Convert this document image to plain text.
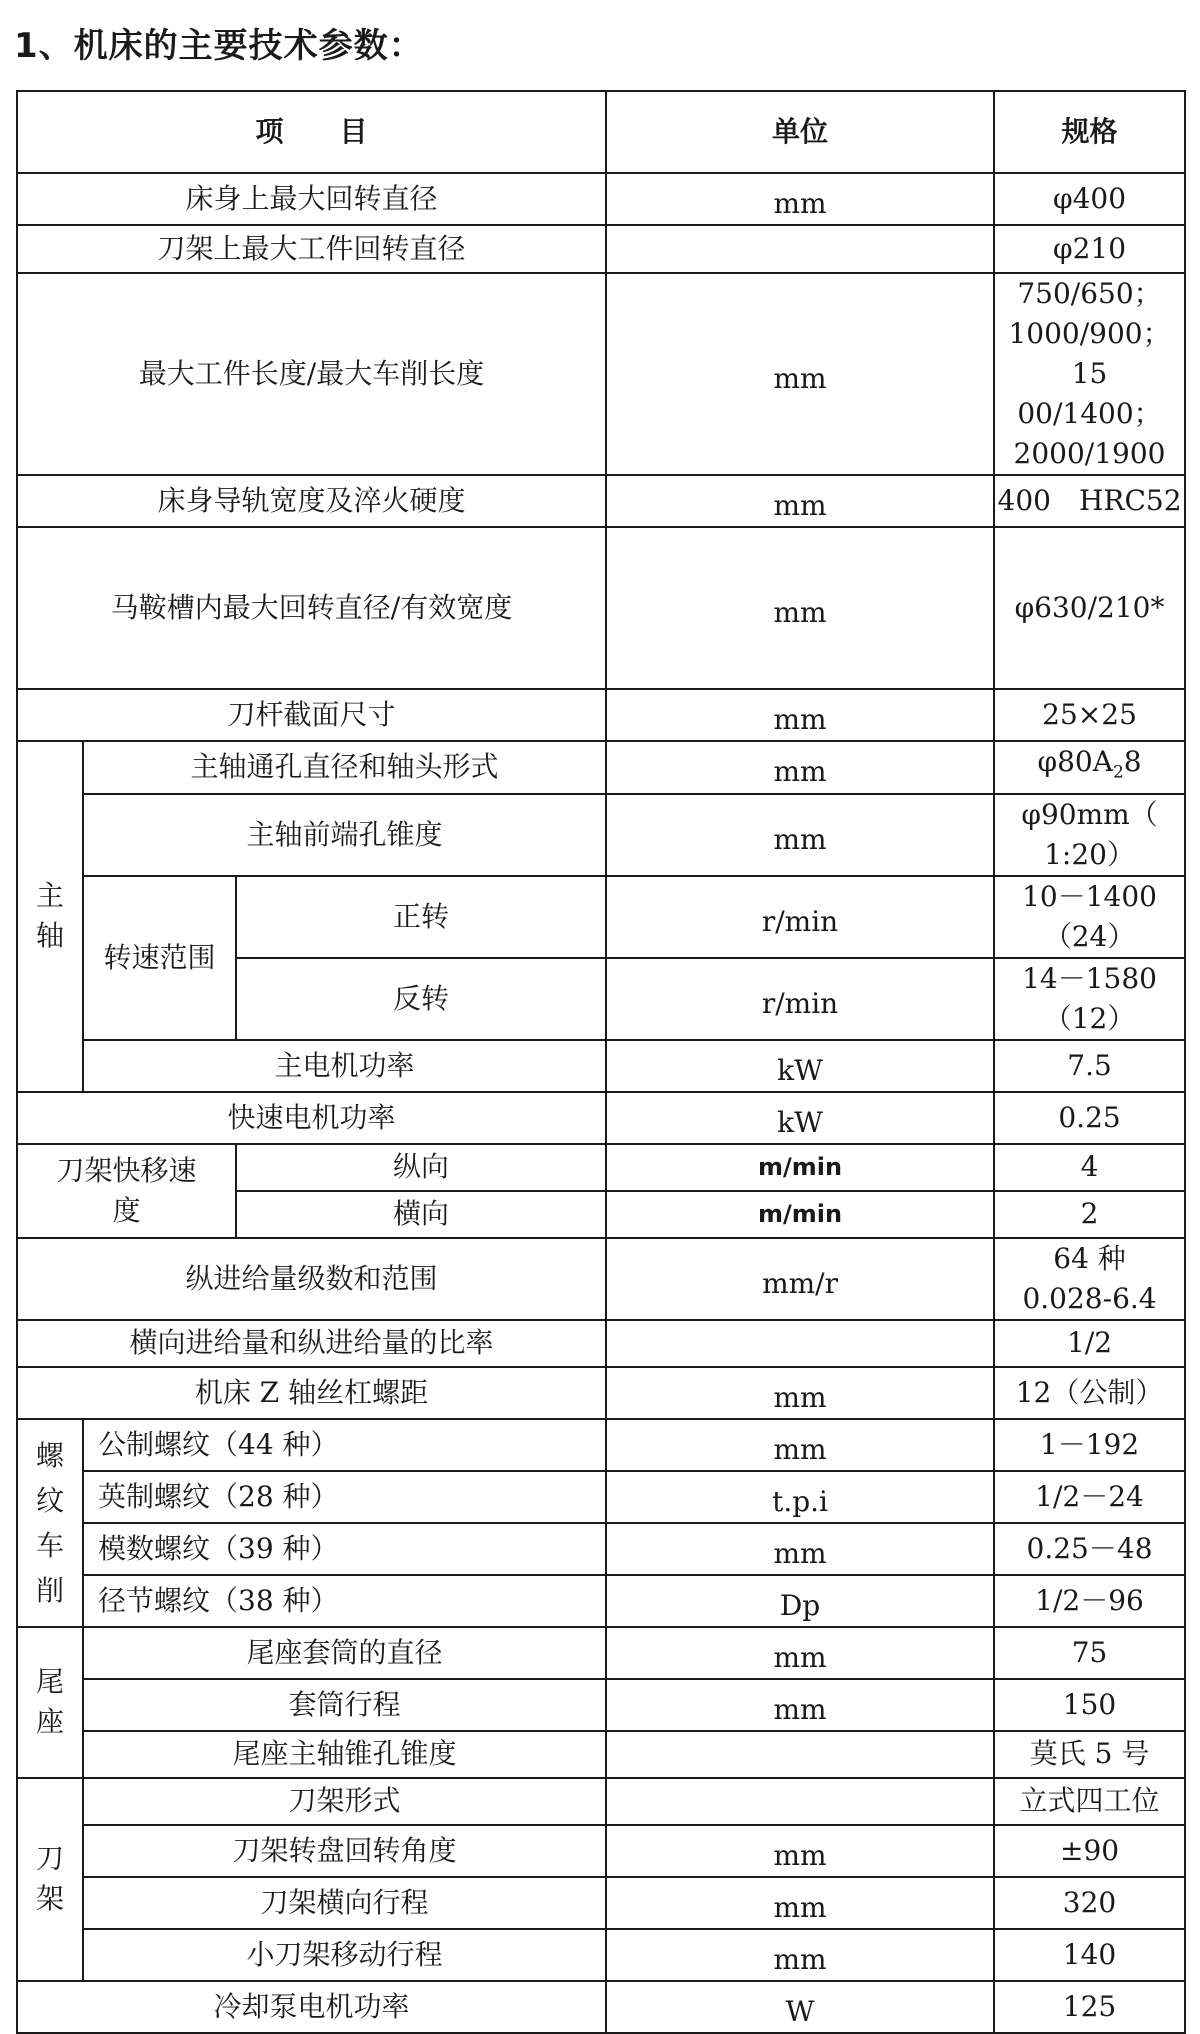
1、机床的主要技术参数：
项　　目			单位	规格	
床身上最大回转直径			mm	φ400	
刀架上最大工件回转直径				φ210	
最大工件长度/最大车削长度			mm	750/650；1000/900；15
00/1400；2000/1900	

床身导轨宽度及淬火硬度			mm	400　HRC52	
马鞍槽内最大回转直径/有效宽度			mm	φ630/210*	

刀杆截面尺寸			mm	25×25	

主
轴	主轴通孔直径和轴头形式		mm	$\varphi 80A_28$	
	主轴前端孔锥度		mm	φ90mm（ 1:20）	
	转速范围	正转	r/min	10－1400（24）	
		反转	r/min	14－1580（12）	
	主电机功率		kW	7.5	
快速电机功率			kW	0.25	

刀架快移速
度		纵向	m/min	4	
		横向	m/min	2	
纵进给量级数和范围			mm/r	64 种　0.028-6.4	
横向进给量和纵进给量的比率				1/2	
机床 Z 轴丝杠螺距			mm	12（公制）	

螺
纹
车
削	公制螺纹（44 种）		mm	1－192	
	英制螺纹（28 种）		t.p.i	1/2－24	
	模数螺纹（39 种）		mm	0.25－48	
	径节螺纹（38 种）		Dp	1/2－96	

尾
座	尾座套筒的直径		mm	75	
	套筒行程		mm	150	
	尾座主轴锥孔锥度			莫氏 5 号	

刀
架	刀架形式			立式四工位	
	刀架转盘回转角度		mm	±90	
	刀架横向行程		mm	320	
	小刀架移动行程		mm	140	
冷却泵电机功率			W	125	
